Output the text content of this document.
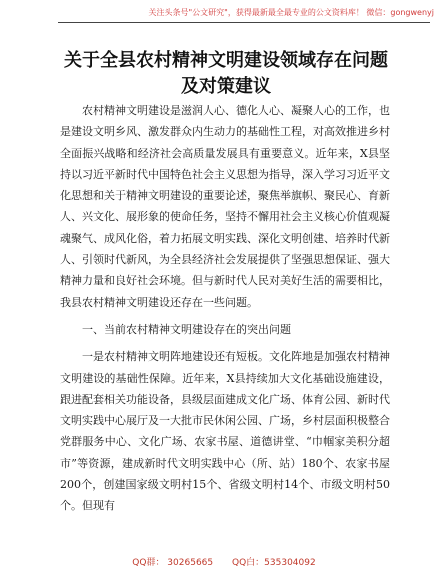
关注头条号"公文研究"，获得最新最全最专业的公文资料库！ 微信：gongwenyj
关于全县农村精神文明建设领域存在问题及对策建议

农村精神文明建设是滋润人心、德化人心、凝聚人心的工作，也是建设文明乡风、激发群众内生动力的基础性工程，对高效推进乡村全面振兴战略和经济社会高质量发展具有重要意义。近年来，X县坚持以习近平新时代中国特色社会主义思想为指导，深入学习习近平文化思想和关于精神文明建设的重要论述，聚焦举旗帜、聚民心、育新人、兴文化、展形象的使命任务，坚持不懈用社会主义核心价值观凝魂聚气、成风化俗，着力拓展文明实践、深化文明创建、培养时代新人、引领时代新风，为全县经济社会发展提供了坚强思想保证、强大精神力量和良好社会环境。但与新时代人民对美好生活的需要相比，我县农村精神文明建设还存在一些问题。

一、当前农村精神文明建设存在的突出问题

一是农村精神文明阵地建设还有短板。文化阵地是加强农村精神文明建设的基础性保障。近年来，X县持续加大文化基础设施建设，跟进配套相关功能设备，县级层面建成文化广场、体育公园、新时代文明实践中心展厅及一大批市民休闲公园、广场，乡村层面积极整合党群服务中心、文化广场、农家书屋、道德讲堂、“巾帼家美积分超市”等资源，建成新时代文明实践中心（所、站）180个、农家书屋200个，创建国家级文明村15个、省级文明村14个、市级文明村50个。但现有

QQ群： 30265665 QQ白：535304092
